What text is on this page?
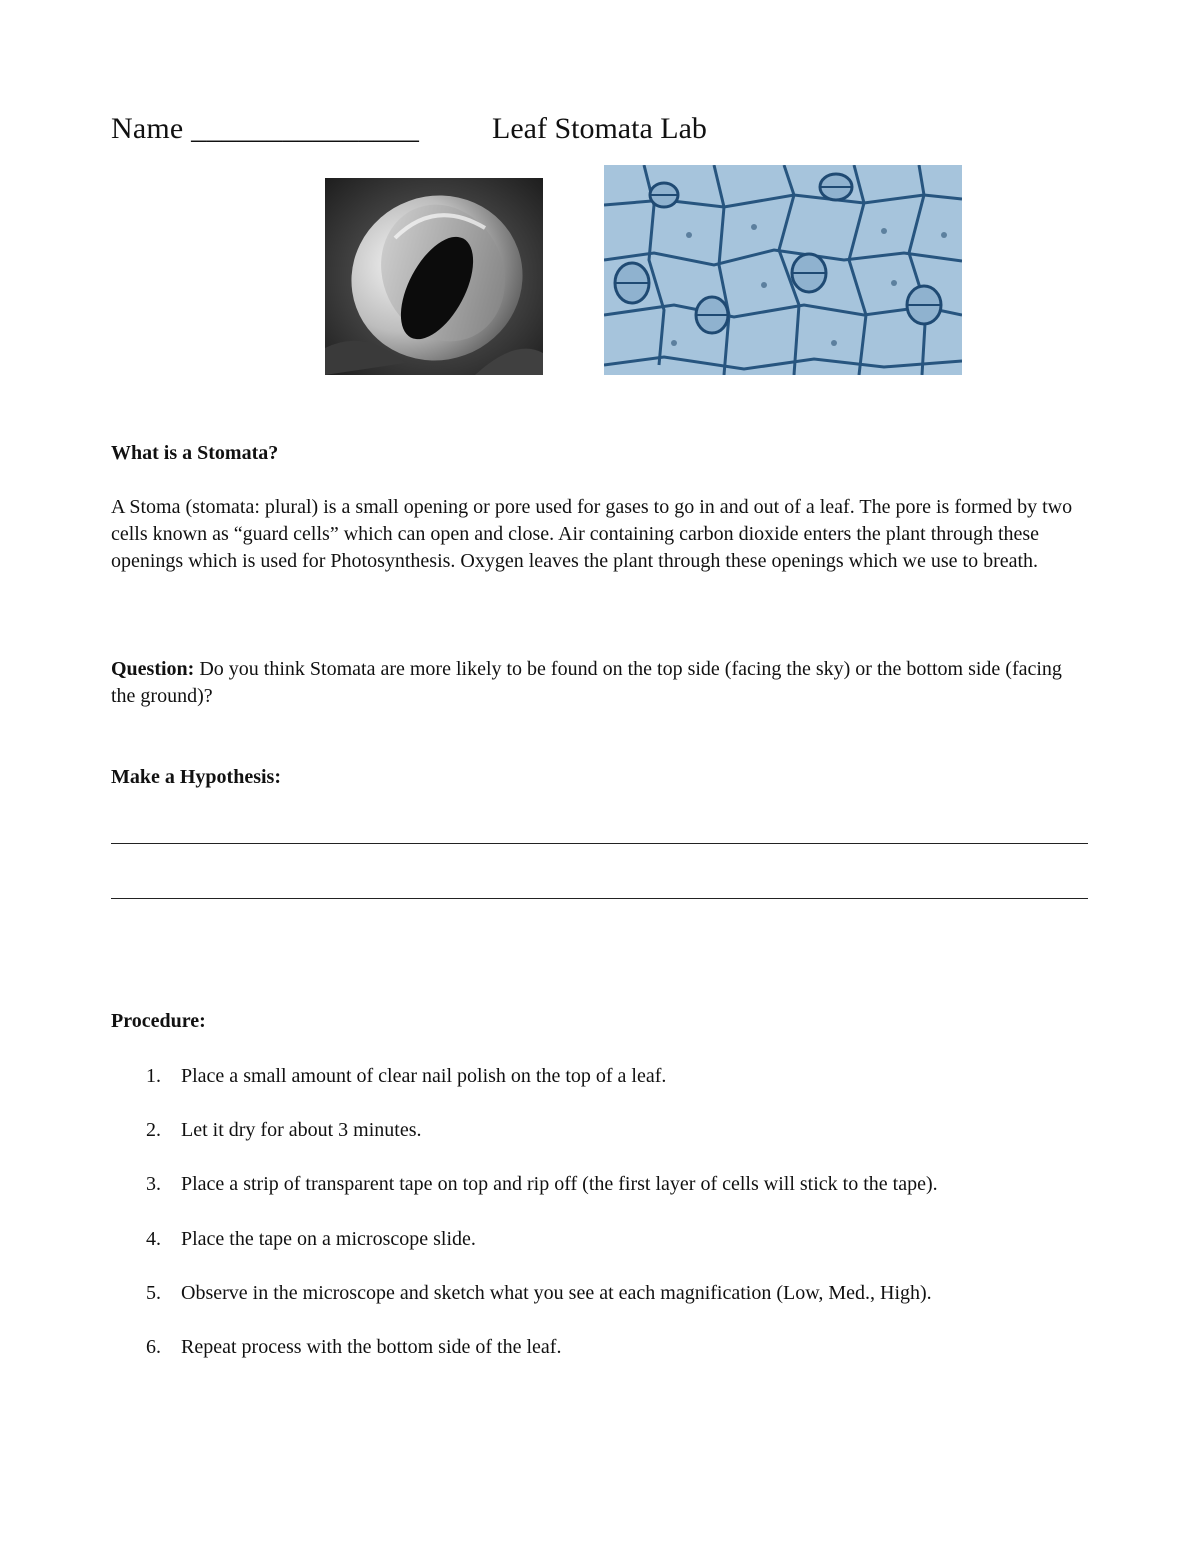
Name _______________ Leaf Stomata Lab
What is a Stomata?
A Stoma (stomata: plural) is a small opening or pore used for gases to go in and out of a leaf. The pore is formed by two cells known as “guard cells” which can open and close. Air containing carbon dioxide enters the plant through these openings which is used for Photosynthesis. Oxygen leaves the plant through these openings which we use to breath.
Question: Do you think Stomata are more likely to be found on the top side (facing the sky) or the bottom side (facing the ground)?
Make a Hypothesis:
Procedure:
1. Place a small amount of clear nail polish on the top of a leaf.
2. Let it dry for about 3 minutes.
3. Place a strip of transparent tape on top and rip off (the first layer of cells will stick to the tape).
4. Place the tape on a microscope slide.
5. Observe in the microscope and sketch what you see at each magnification (Low, Med., High).
6. Repeat process with the bottom side of the leaf.
